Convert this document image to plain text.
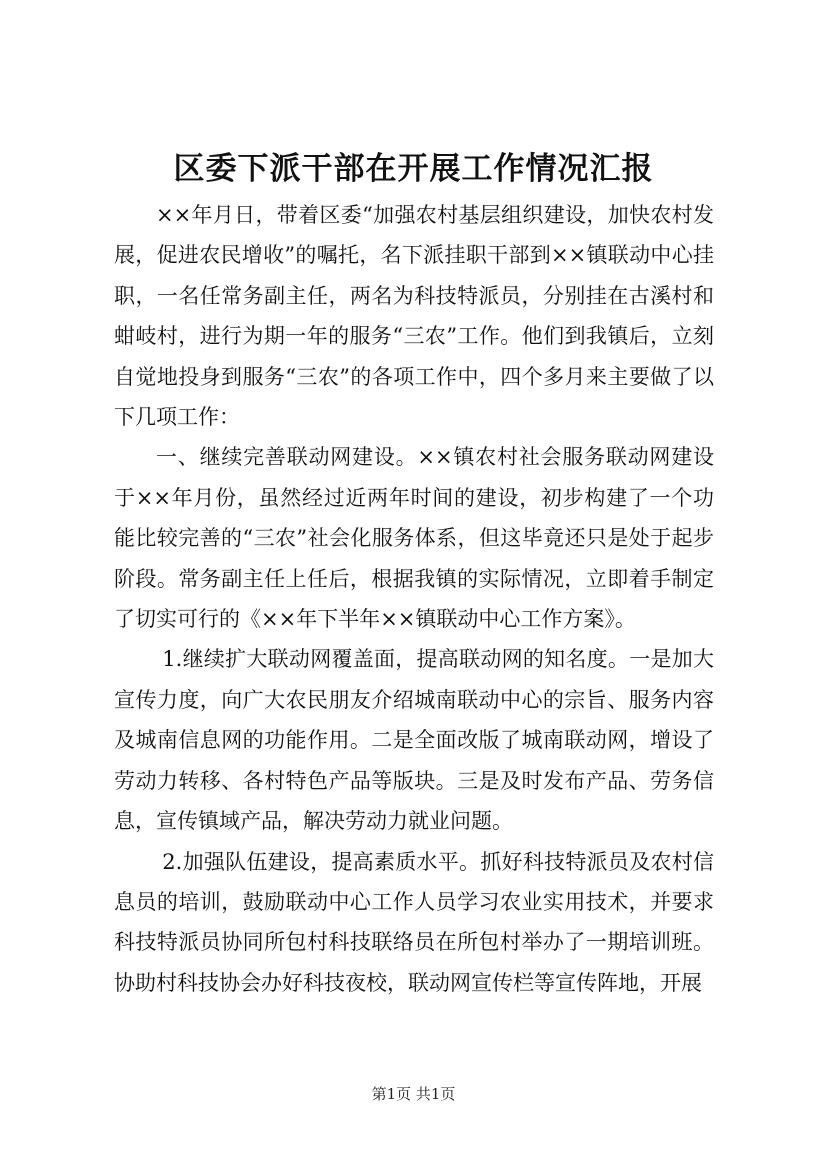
区委下派干部在开展工作情况汇报

××年月日，带着区委“加强农村基层组织建设，加快农村发展，促进农民增收”的嘱托，名下派挂职干部到××镇联动中心挂职，一名任常务副主任，两名为科技特派员，分别挂在古溪村和蚶岐村，进行为期一年的服务“三农”工作。他们到我镇后，立刻自觉地投身到服务“三农”的各项工作中，四个多月来主要做了以下几项工作：

一、继续完善联动网建设。××镇农村社会服务联动网建设于××年月份，虽然经过近两年时间的建设，初步构建了一个功能比较完善的“三农”社会化服务体系，但这毕竟还只是处于起步阶段。常务副主任上任后，根据我镇的实际情况，立即着手制定了切实可行的《××年下半年××镇联动中心工作方案》。

1.继续扩大联动网覆盖面，提高联动网的知名度。一是加大宣传力度，向广大农民朋友介绍城南联动中心的宗旨、服务内容及城南信息网的功能作用。二是全面改版了城南联动网，增设了劳动力转移、各村特色产品等版块。三是及时发布产品、劳务信息，宣传镇域产品，解决劳动力就业问题。

2.加强队伍建设，提高素质水平。抓好科技特派员及农村信息员的培训，鼓励联动中心工作人员学习农业实用技术，并要求科技特派员协同所包村科技联络员在所包村举办了一期培训班。协助村科技协会办好科技夜校，联动网宣传栏等宣传阵地，开展

第1页 共1页
